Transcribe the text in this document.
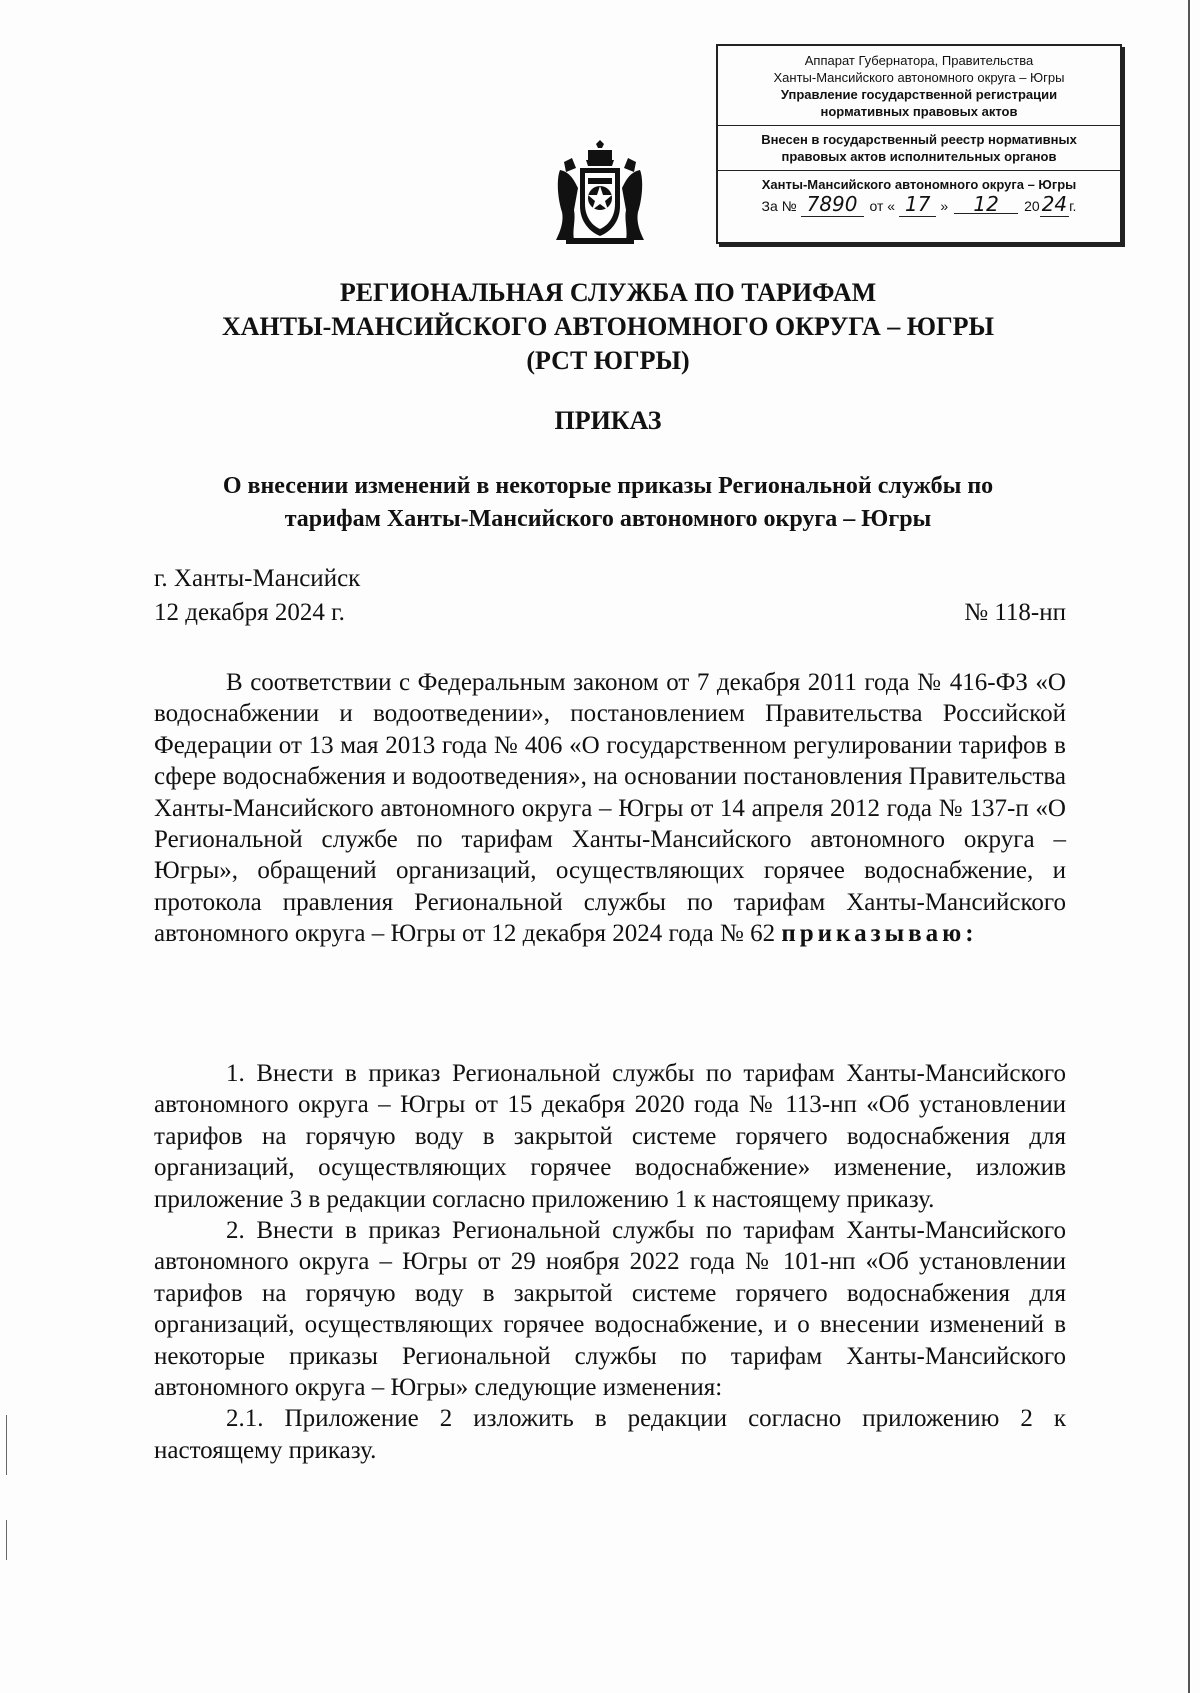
Аппарат Губернатора, Правительства
Ханты-Мансийского автономного округа – Югры
Управление государственной регистрации
нормативных правовых актов
Внесен в государственный реестр нормативных
правовых актов исполнительных органов
Ханты-Мансийского автономного округа – Югры
За № 7890 от « 17 »	12	20 24 г.
РЕГИОНАЛЬНАЯ СЛУЖБА ПО ТАРИФАМ
ХАНТЫ-МАНСИЙСКОГО АВТОНОМНОГО ОКРУГА – ЮГРЫ
(РСТ ЮГРЫ)
ПРИКАЗ
О внесении изменений в некоторые приказы Региональной службы по
тарифам Ханты-Мансийского автономного округа – Югры
г. Ханты-Мансийск
12 декабря 2024 г.	№ 118-нп

В соответствии с Федеральным законом от 7 декабря 2011 года № 416-ФЗ «О водоснабжении и водоотведении», постановлением Правительства Российской Федерации от 13 мая 2013 года № 406 «О государственном регулировании тарифов в сфере водоснабжения и водоотведения», на основании постановления Правительства Ханты-Мансийского автономного округа – Югры от 14 апреля 2012 года № 137-п «О Региональной службе по тарифам Ханты-Мансийского автономного округа – Югры», обращений организаций, осуществляющих горячее водоснабжение, и протокола правления Региональной службы по тарифам Ханты-Мансийского автономного округа – Югры от 12 декабря 2024 года № 62 приказываю:

1. Внести в приказ Региональной службы по тарифам Ханты-Мансийского автономного округа – Югры от 15 декабря 2020 года № 113-нп «Об установлении тарифов на горячую воду в закрытой системе горячего водоснабжения для организаций, осуществляющих горячее водоснабжение» изменение, изложив приложение 3 в редакции согласно приложению 1 к настоящему приказу.

2. Внести в приказ Региональной службы по тарифам Ханты-Мансийского автономного округа – Югры от 29 ноября 2022 года № 101-нп «Об установлении тарифов на горячую воду в закрытой системе горячего водоснабжения для организаций, осуществляющих горячее водоснабжение, и о внесении изменений в некоторые приказы Региональной службы по тарифам Ханты-Мансийского автономного округа – Югры» следующие изменения:

2.1. Приложение 2 изложить в редакции согласно приложению 2 к настоящему приказу.
